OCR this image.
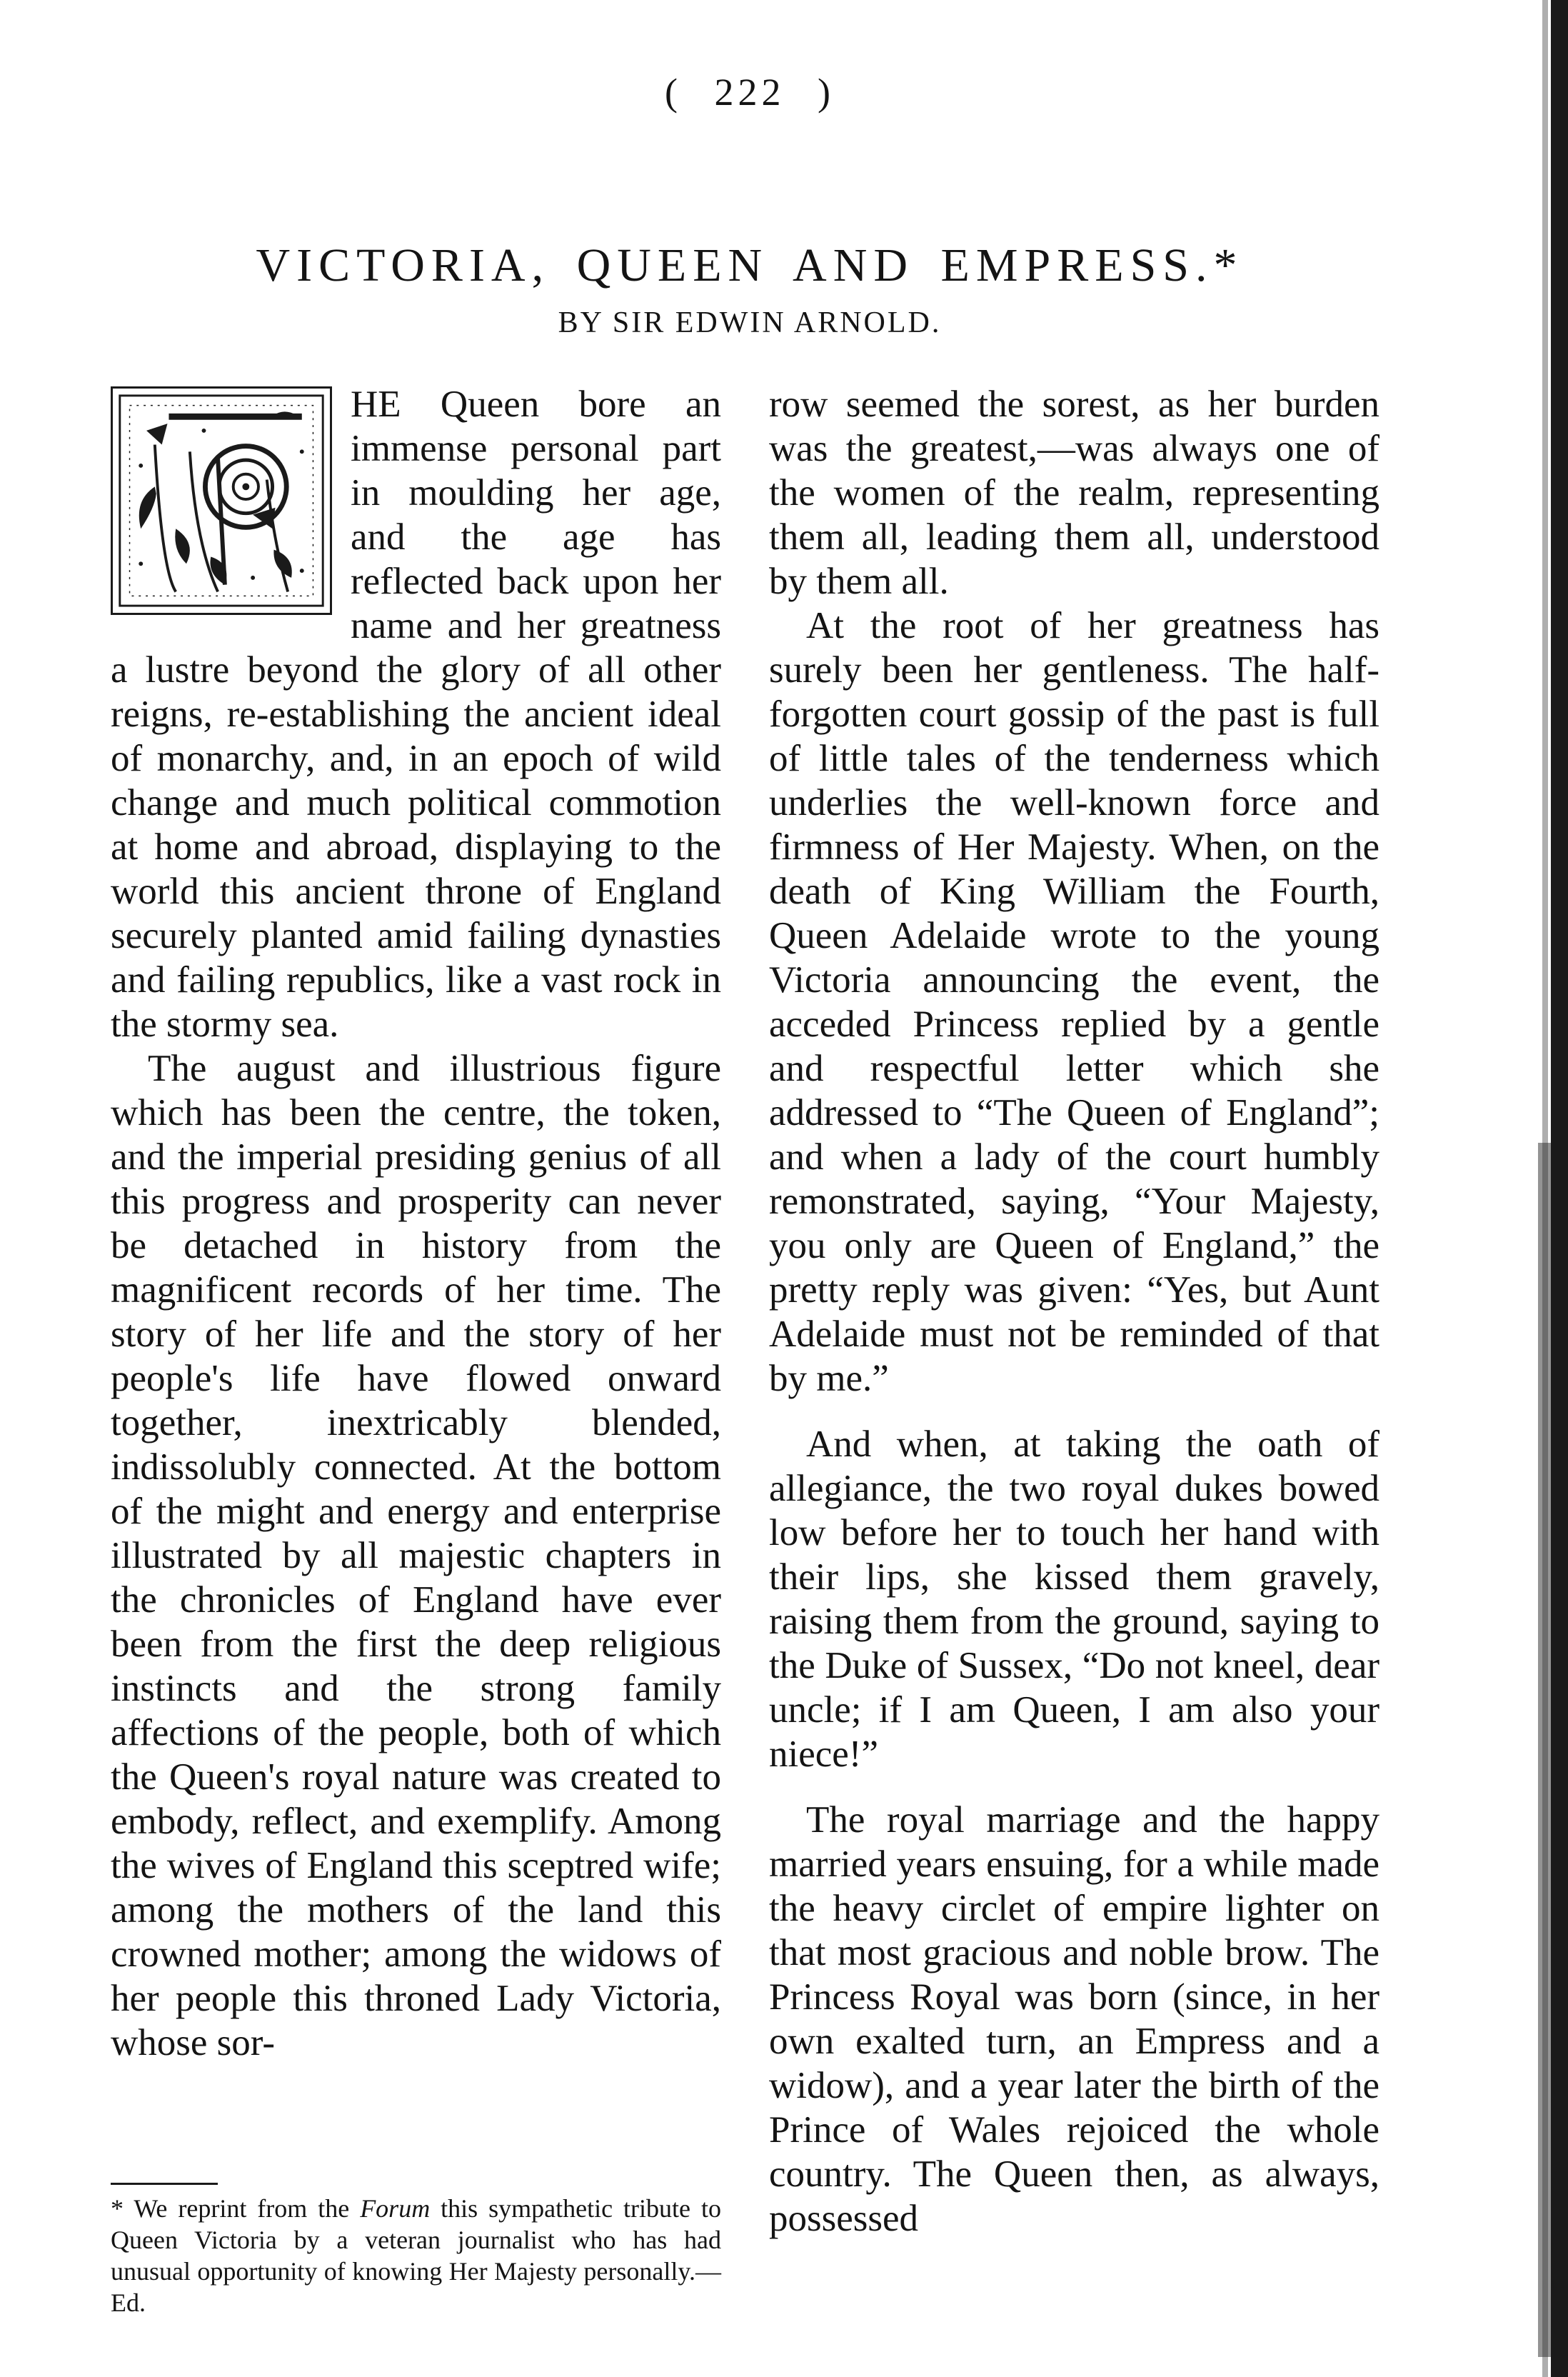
( 222 )
VICTORIA, QUEEN AND EMPRESS.*
BY SIR EDWIN ARNOLD.

HE Queen bore an immense personal part in moulding her age, and the age has reflected back upon her name and her greatness a lustre beyond the glory of all other reigns, re-establishing the ancient ideal of monarchy, and, in an epoch of wild change and much political commotion at home and abroad, displaying to the world this ancient throne of England securely planted amid failing dynasties and failing republics, like a vast rock in the stormy sea.

The august and illustrious figure which has been the centre, the token, and the imperial presiding genius of all this progress and prosperity can never be detached in history from the magnificent records of her time. The story of her life and the story of her people's life have flowed onward together, inextricably blended, indissolubly connected. At the bottom of the might and energy and enterprise illustrated by all majestic chapters in the chronicles of England have ever been from the first the deep religious instincts and the strong family affections of the people, both of which the Queen's royal nature was created to embody, reflect, and exemplify. Among the wives of England this sceptred wife; among the mothers of the land this crowned mother; among the widows of her people this throned Lady Victoria, whose sor-

row seemed the sorest, as her burden was the greatest,—was always one of the women of the realm, representing them all, leading them all, understood by them all.

At the root of her greatness has surely been her gentleness. The half-forgotten court gossip of the past is full of little tales of the tenderness which underlies the well-known force and firmness of Her Majesty. When, on the death of King William the Fourth, Queen Adelaide wrote to the young Victoria announcing the event, the acceded Princess replied by a gentle and respectful letter which she addressed to “The Queen of England”; and when a lady of the court humbly remonstrated, saying, “Your Majesty, you only are Queen of England,” the pretty reply was given: “Yes, but Aunt Adelaide must not be reminded of that by me.”

And when, at taking the oath of allegiance, the two royal dukes bowed low before her to touch her hand with their lips, she kissed them gravely, raising them from the ground, saying to the Duke of Sussex, “Do not kneel, dear uncle; if I am Queen, I am also your niece!”

The royal marriage and the happy married years ensuing, for a while made the heavy circlet of empire lighter on that most gracious and noble brow. The Princess Royal was born (since, in her own exalted turn, an Empress and a widow), and a year later the birth of the Prince of Wales rejoiced the whole country. The Queen then, as always, possessed

* We reprint from the Forum this sympathetic tribute to Queen Victoria by a veteran journalist who has had unusual opportunity of knowing Her Majesty personally.—Ed.
